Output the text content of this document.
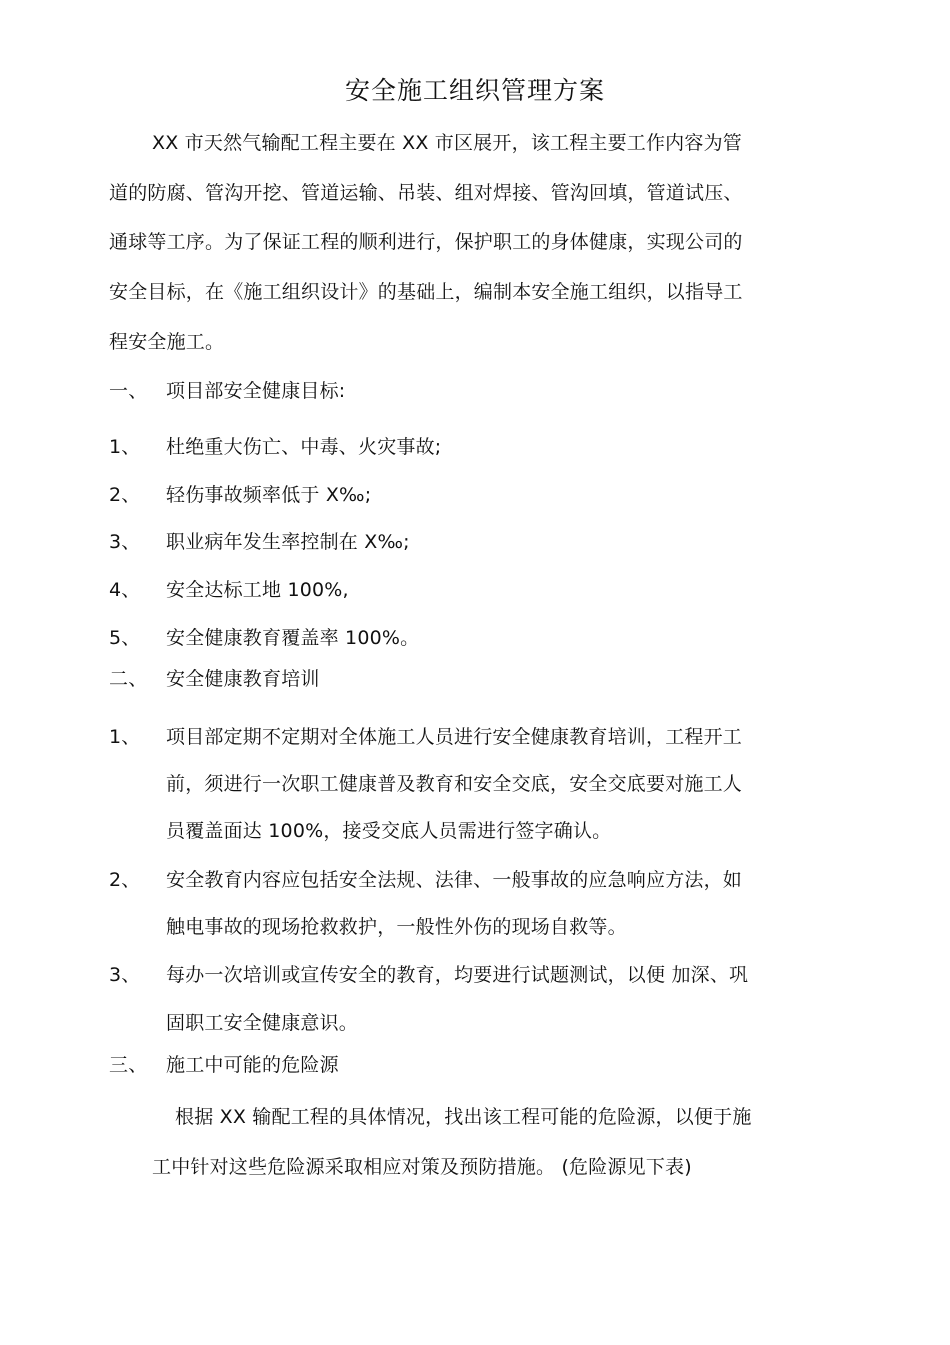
安全施工组织管理方案
XX 市天然气输配工程主要在 XX 市区展开，该工程主要工作内容为管
道的防腐、管沟开挖、管道运输、吊装、组对焊接、管沟回填，管道试压、
通球等工序。为了保证工程的顺利进行，保护职工的身体健康，实现公司的
安全目标，在《施工组织设计》的基础上，编制本安全施工组织，以指导工
程安全施工。
一、 项目部安全健康目标:
1、 杜绝重大伤亡、中毒、火灾事故;
2、 轻伤事故频率低于 X‰;
3、 职业病年发生率控制在 X‰;
4、 安全达标工地 100%,
5、 安全健康教育覆盖率 100%。
二、 安全健康教育培训
1、 项目部定期不定期对全体施工人员进行安全健康教育培训，工程开工
前，须进行一次职工健康普及教育和安全交底，安全交底要对施工人
员覆盖面达 100%，接受交底人员需进行签字确认。
2、 安全教育内容应包括安全法规、法律、一般事故的应急响应方法，如
触电事故的现场抢救救护，一般性外伤的现场自救等。
3、 每办一次培训或宣传安全的教育，均要进行试题测试，以便 加深、巩
固职工安全健康意识。
三、 施工中可能的危险源
根据 XX 输配工程的具体情况，找出该工程可能的危险源，以便于施
工中针对这些危险源采取相应对策及预防措施。 (危险源见下表)
